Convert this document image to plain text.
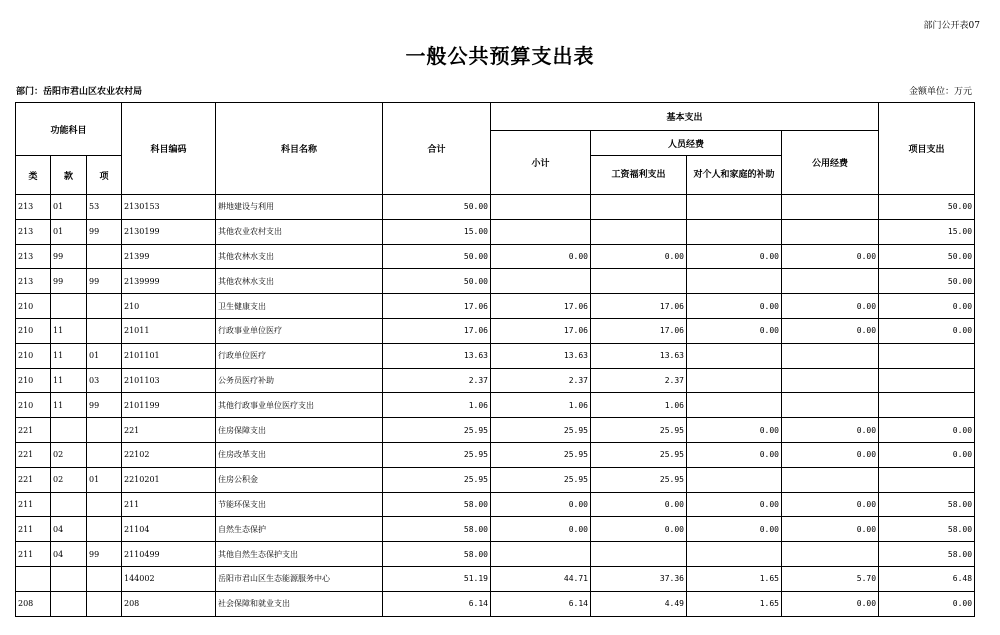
部门公开表07
一般公共预算支出表
部门：岳阳市君山区农业农村局	金额单位：万元
功能科目			科目编码	科目名称	合计	基本支出				项目支出
						小计	人员经费		公用经费	
类	款	项					工资福利支出	对个人和家庭的补助		
213	01	53	2130153	耕地建设与利用	50.00					50.00
213	01	99	2130199	其他农业农村支出	15.00					15.00
213	99		21399	其他农林水支出	50.00	0.00	0.00	0.00	0.00	50.00
213	99	99	2139999	其他农林水支出	50.00					50.00
210			210	卫生健康支出	17.06	17.06	17.06	0.00	0.00	0.00
210	11		21011	行政事业单位医疗	17.06	17.06	17.06	0.00	0.00	0.00
210	11	01	2101101	行政单位医疗	13.63	13.63	13.63			
210	11	03	2101103	公务员医疗补助	2.37	2.37	2.37			
210	11	99	2101199	其他行政事业单位医疗支出	1.06	1.06	1.06			
221			221	住房保障支出	25.95	25.95	25.95	0.00	0.00	0.00
221	02		22102	住房改革支出	25.95	25.95	25.95	0.00	0.00	0.00
221	02	01	2210201	住房公积金	25.95	25.95	25.95			
211			211	节能环保支出	58.00	0.00	0.00	0.00	0.00	58.00
211	04		21104	自然生态保护	58.00	0.00	0.00	0.00	0.00	58.00
211	04	99	2110499	其他自然生态保护支出	58.00					58.00
			144002	岳阳市君山区生态能源服务中心	51.19	44.71	37.36	1.65	5.70	6.48
208			208	社会保障和就业支出	6.14	6.14	4.49	1.65	0.00	0.00
